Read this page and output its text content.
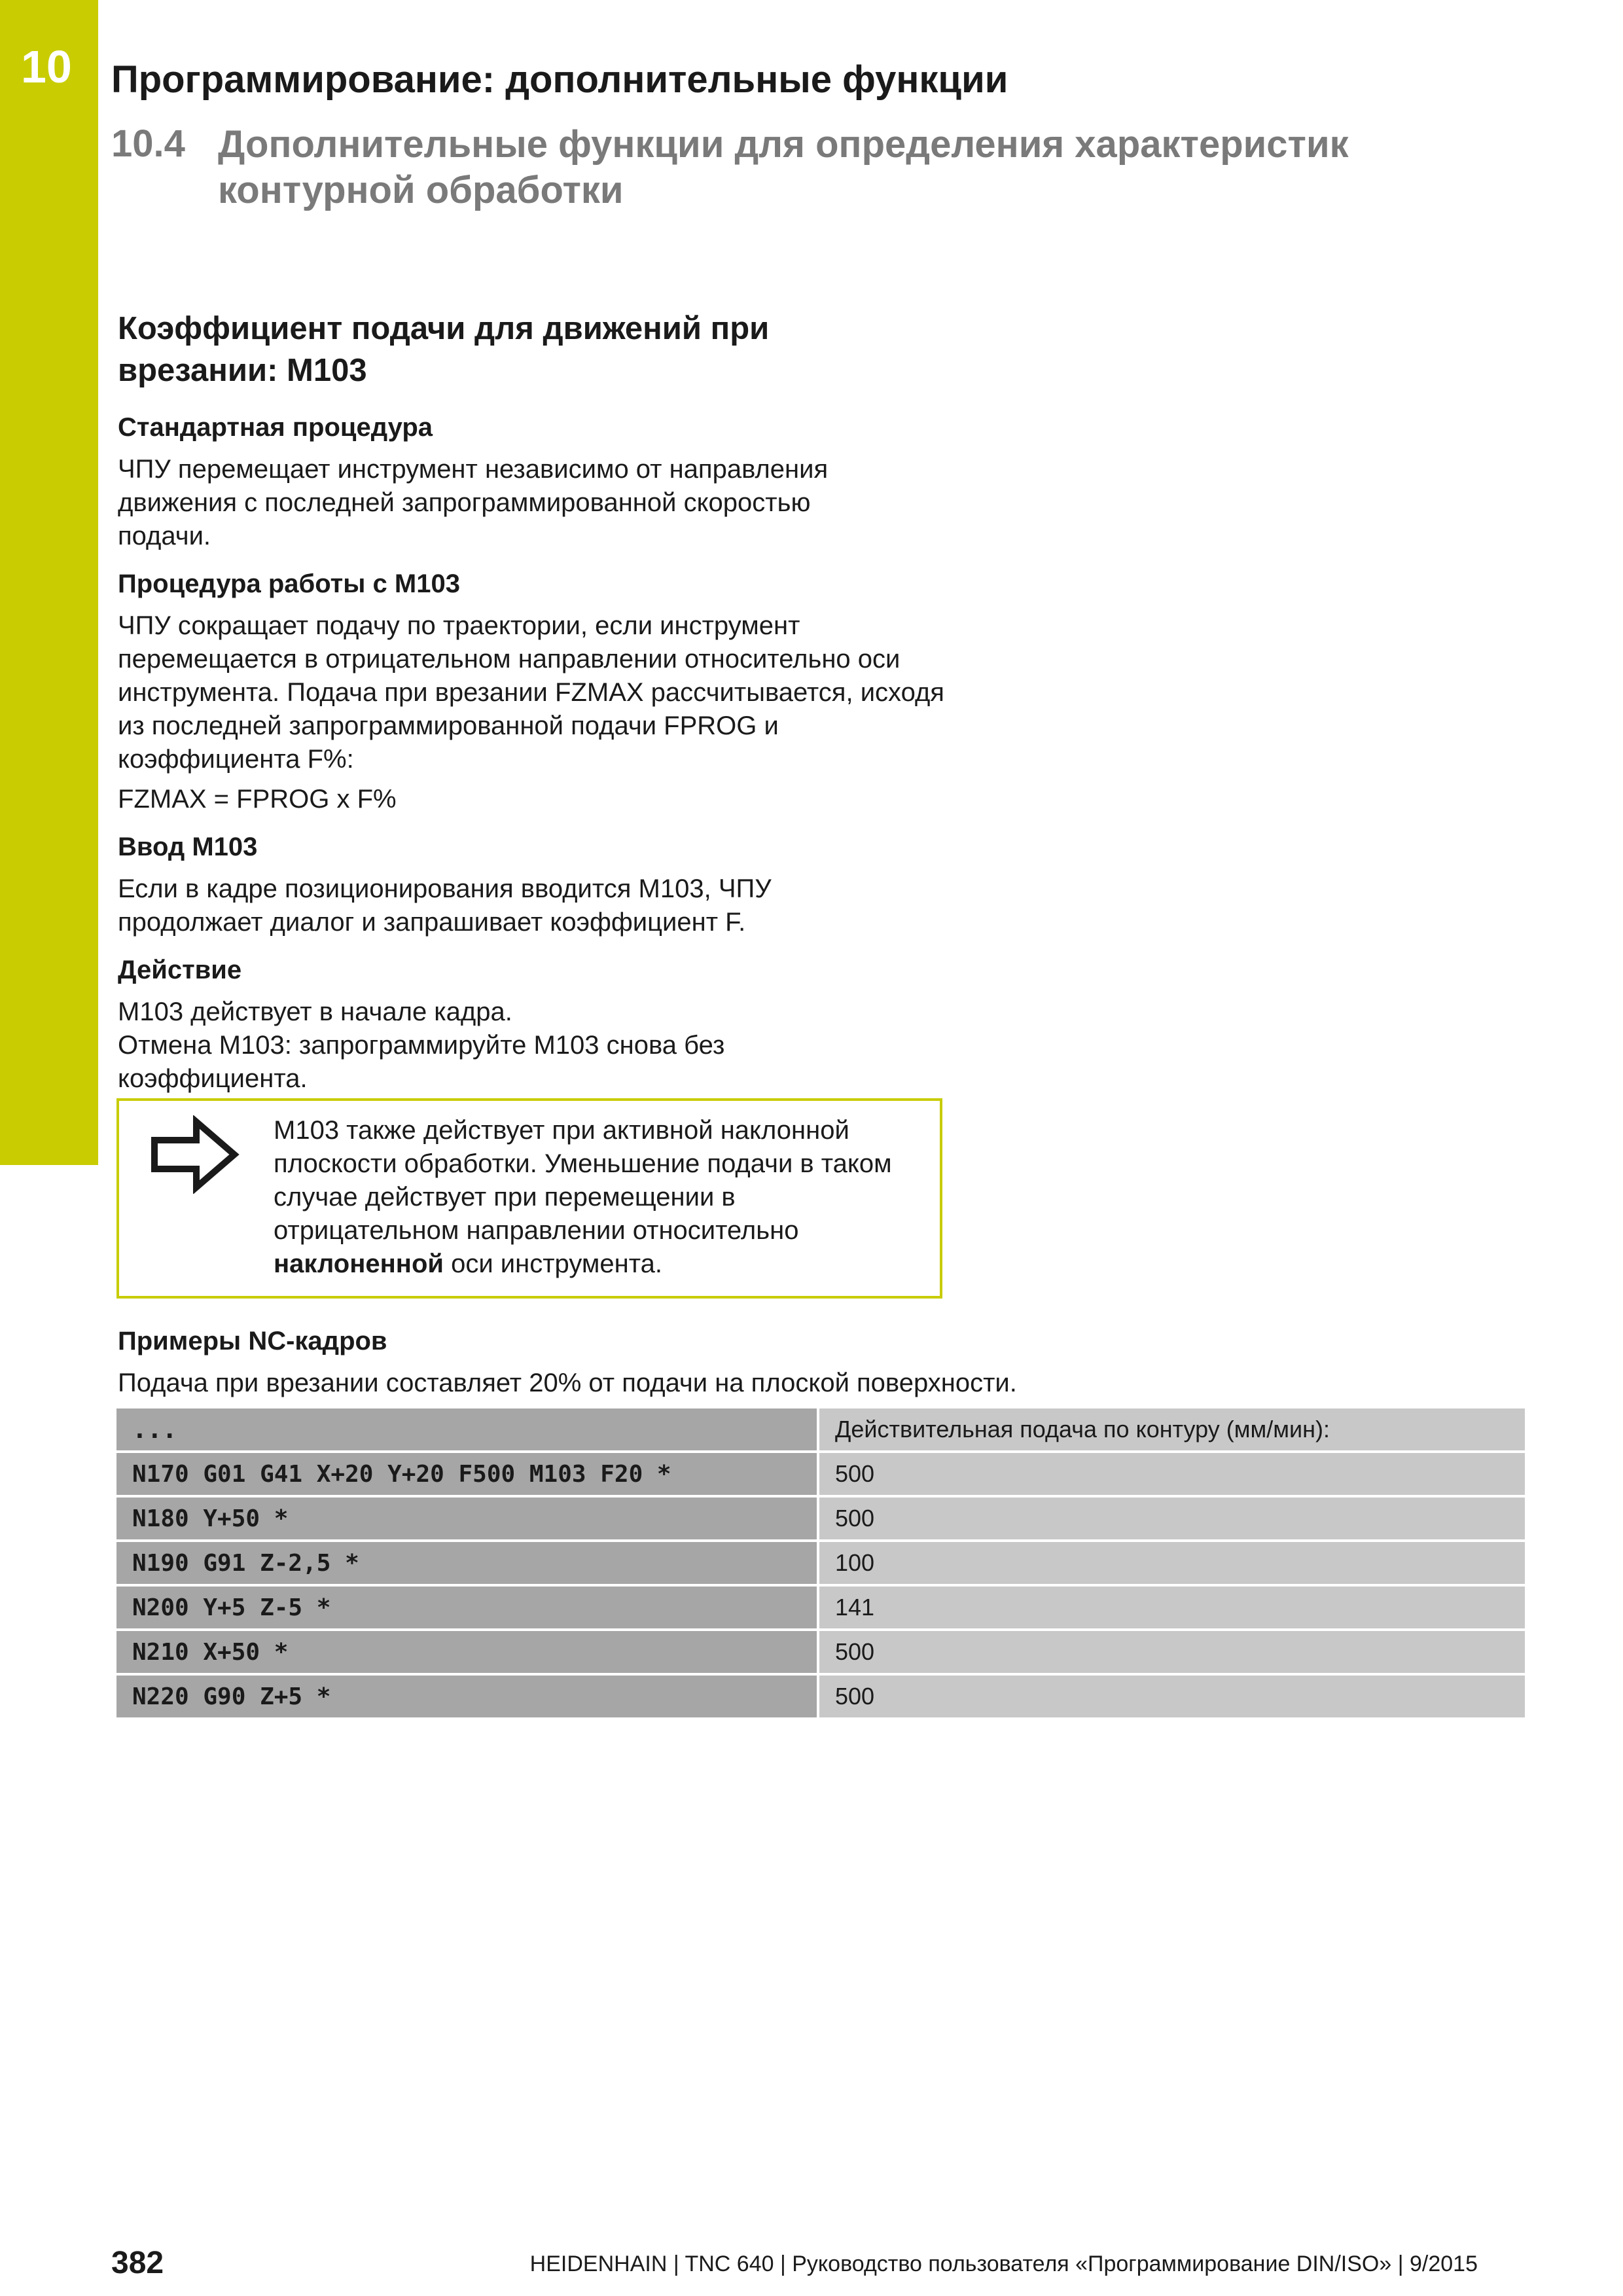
10 Программирование: дополнительные функции
10.4 Дополнительные функции для определения характеристик контурной обработки
Коэффициент подачи для движений при
врезании: M103
Стандартная процедура
ЧПУ перемещает инструмент независимо от направления движения с последней запрограммированной скоростью подачи.
Процедура работы с M103
ЧПУ сокращает подачу по траектории, если инструмент перемещается в отрицательном направлении относительно оси инструмента. Подача при врезании FZMAX рассчитывается, исходя из последней запрограммированной подачи FPROG и коэффициента F%:
FZMAX = FPROG x F%
Ввод M103
Если в кадре позиционирования вводится M103, ЧПУ продолжает диалог и запрашивает коэффициент F.
Действие
M103 действует в начале кадра.
Отмена M103: запрограммируйте M103 снова без коэффициента.
M103 также действует при активной наклонной плоскости обработки. Уменьшение подачи в таком случае действует при перемещении в отрицательном направлении относительно наклоненной оси инструмента.
Примеры NC-кадров
Подача при врезании составляет 20% от подачи на плоской поверхности.
...	Действительная подача по контуру (мм/мин):
N170 G01 G41 X+20 Y+20 F500 M103 F20 *	500
N180 Y+50 *	500
N190 G91 Z-2,5 *	100
N200 Y+5 Z-5 *	141
N210 X+50 *	500
N220 G90 Z+5 *	500
382	HEIDENHAIN | TNC 640 | Руководство пользователя «Программирование DIN/ISO» | 9/2015
